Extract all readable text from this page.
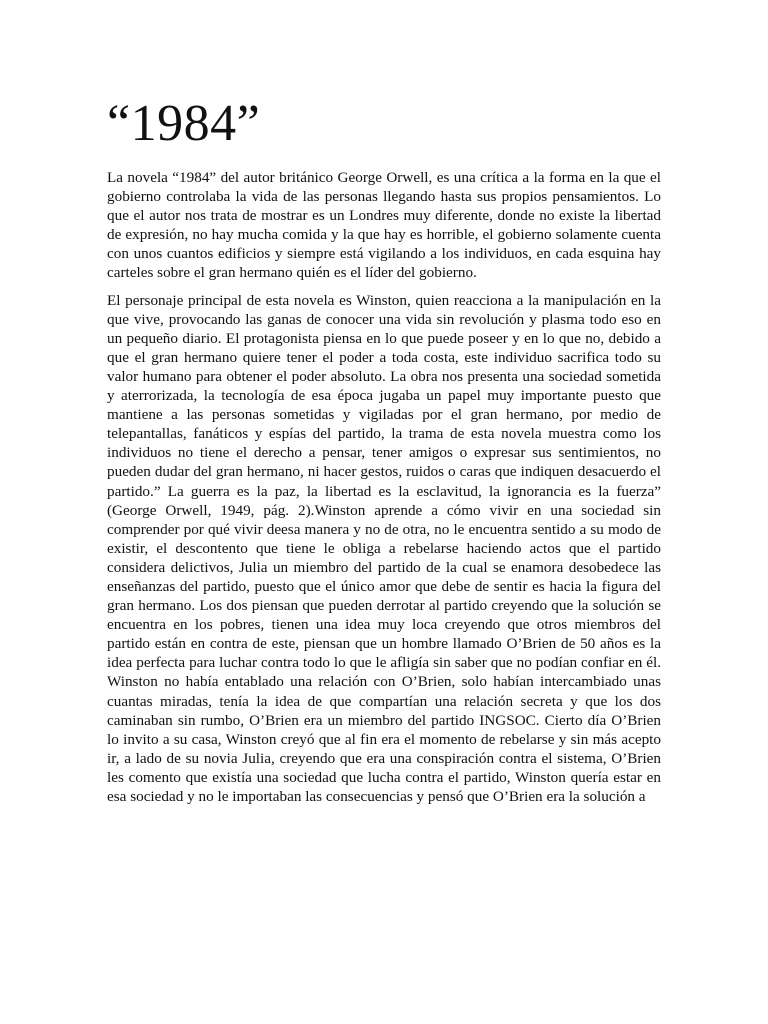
“1984”

La novela “1984” del autor británico George Orwell, es una crítica a la forma en la que el gobierno controlaba la vida de las personas llegando hasta sus propios pensamientos. Lo que el autor nos trata de mostrar es un Londres muy diferente, donde no existe la libertad de expresión, no hay mucha comida y la que hay es horrible, el gobierno solamente cuenta con unos cuantos edificios y siempre está vigilando a los individuos, en cada esquina hay carteles sobre el gran hermano quién es el líder del gobierno.

El personaje principal de esta novela es Winston, quien reacciona a la manipulación en la que vive, provocando las ganas de conocer una vida sin revolución y plasma todo eso en un pequeño diario. El protagonista piensa en lo que puede poseer y en lo que no, debido a que el gran hermano quiere tener el poder a toda costa, este individuo sacrifica todo su valor humano para obtener el poder absoluto. La obra nos presenta una sociedad sometida y aterrorizada, la tecnología de esa época jugaba un papel muy importante puesto que mantiene a las personas sometidas y vigiladas por el gran hermano, por medio de telepantallas, fanáticos y espías del partido, la trama de esta novela muestra como los individuos no tiene el derecho a pensar, tener amigos o expresar sus sentimientos, no pueden dudar del gran hermano, ni hacer gestos, ruidos o caras que indiquen desacuerdo el partido.” La guerra es la paz, la libertad es la esclavitud, la ignorancia es la fuerza” (George Orwell, 1949, pág. 2).Winston aprende a cómo vivir en una sociedad sin comprender por qué vivir deesa manera y no de otra, no le encuentra sentido a su modo de existir, el descontento que tiene le obliga a rebelarse haciendo actos que el partido considera delictivos, Julia un miembro del partido de la cual se enamora desobedece las enseñanzas del partido, puesto que el único amor que debe de sentir es hacia la figura del gran hermano. Los dos piensan que pueden derrotar al partido creyendo que la solución se encuentra en los pobres, tienen una idea muy loca creyendo que otros miembros del partido están en contra de este, piensan que un hombre llamado O’Brien de 50 años es la idea perfecta para luchar contra todo lo que le afligía sin saber que no podían confiar en él. Winston no había entablado una relación con O’Brien, solo habían intercambiado unas cuantas miradas, tenía la idea de que compartían una relación secreta y que los dos caminaban sin rumbo, O’Brien era un miembro del partido INGSOC. Cierto día O’Brien lo invito a su casa, Winston creyó que al fin era el momento de rebelarse y sin más acepto ir, a lado de su novia Julia, creyendo que era una conspiración contra el sistema, O’Brien les comento que existía una sociedad que lucha contra el partido, Winston quería estar en esa sociedad y no le importaban las consecuencias y pensó que O’Brien era la solución a
